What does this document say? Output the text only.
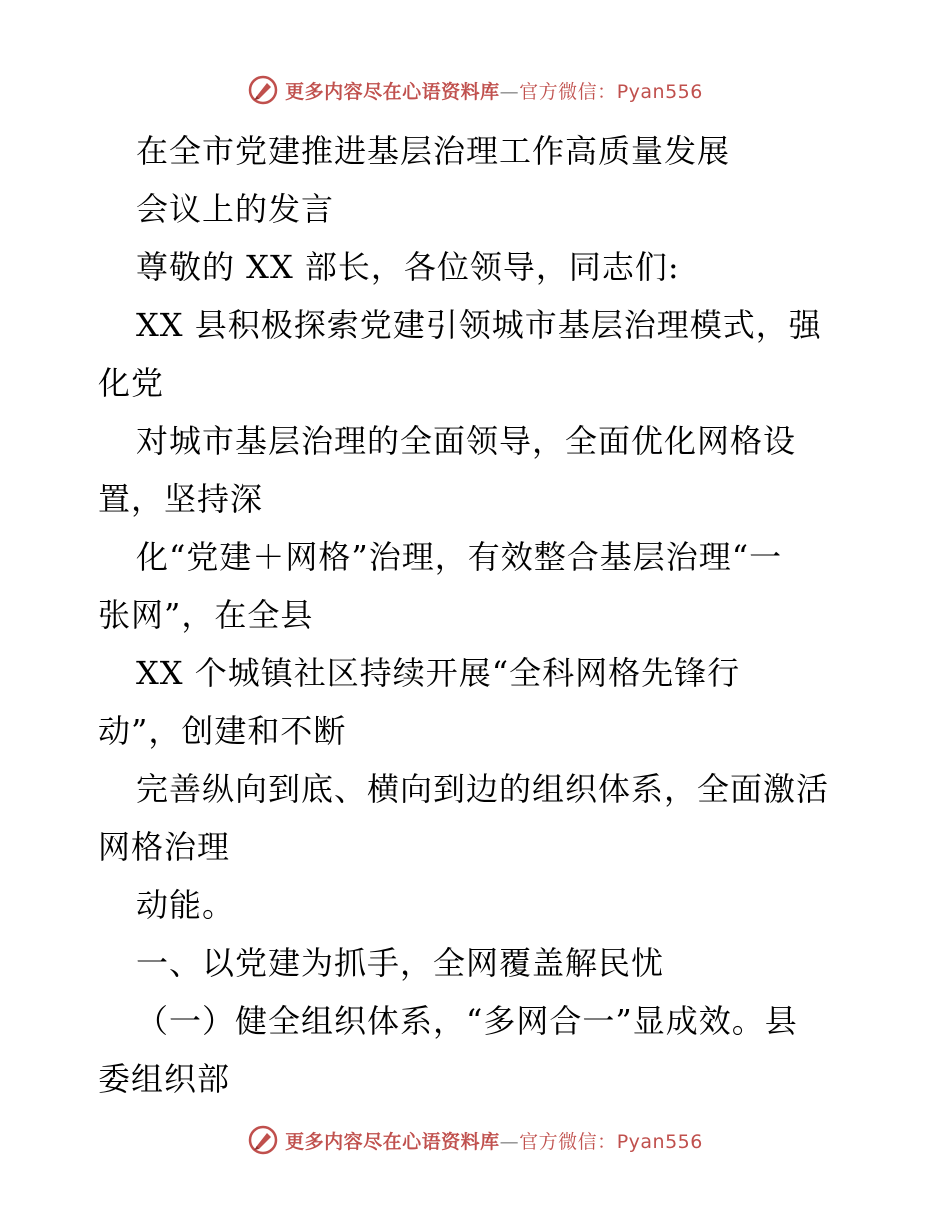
更多内容尽在心语资料库—官方微信：Pyan556
在全市党建推进基层治理工作高质量发展
会议上的发言
尊敬的 XX 部长，各位领导，同志们:
XX 县积极探索党建引领城市基层治理模式，强
化党
对城市基层治理的全面领导，全面优化网格设
置，坚持深
化“党建＋网格”治理，有效整合基层治理“一
张网”，在全县
XX 个城镇社区持续开展“全科网格先锋行
动”，创建和不断
完善纵向到底、横向到边的组织体系，全面激活
网格治理
动能。
一、以党建为抓手，全网覆盖解民忧
（一）健全组织体系，“多网合一”显成效。县
委组织部
更多内容尽在心语资料库—官方微信：Pyan556
